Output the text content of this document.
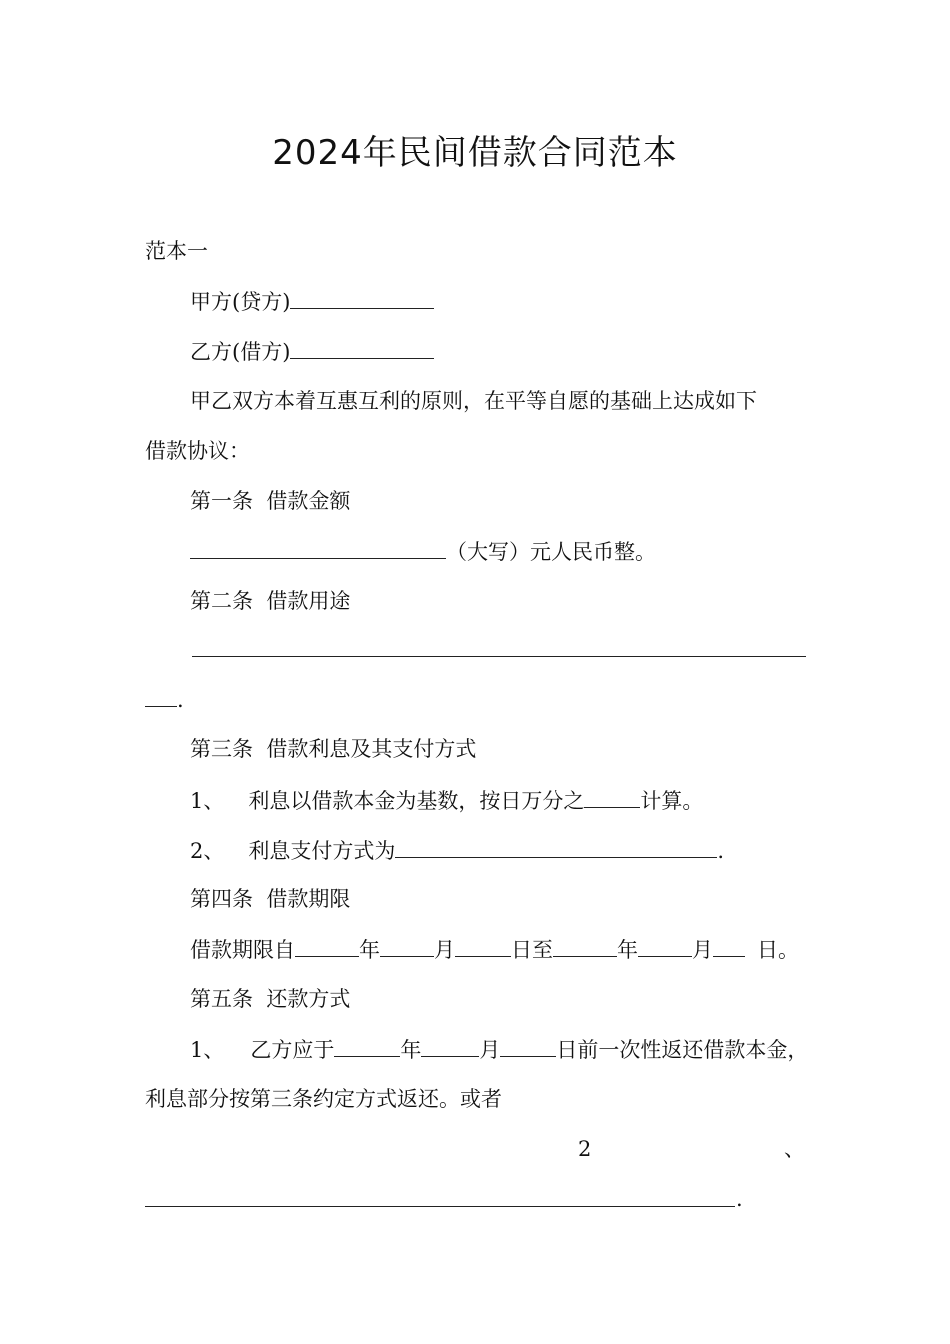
2024年民间借款合同范本
范本一
甲方(贷方)
乙方(借方)
甲乙双方本着互惠互利的原则，在平等自愿的基础上达成如下
借款协议：
第一条  借款金额
（大写）元人民币整。
第二条  借款用途
.
第三条  借款利息及其支付方式
1、 利息以借款本金为基数，按日万分之	计算。
2、 利息支付方式为	.
第四条  借款期限
借款期限自	年	月	日至	年	月 日。
第五条  还款方式
1、 乙方应于	年	月	日前一次性返还借款本金，
利息部分按第三条约定方式返还。或者
2	、
.
